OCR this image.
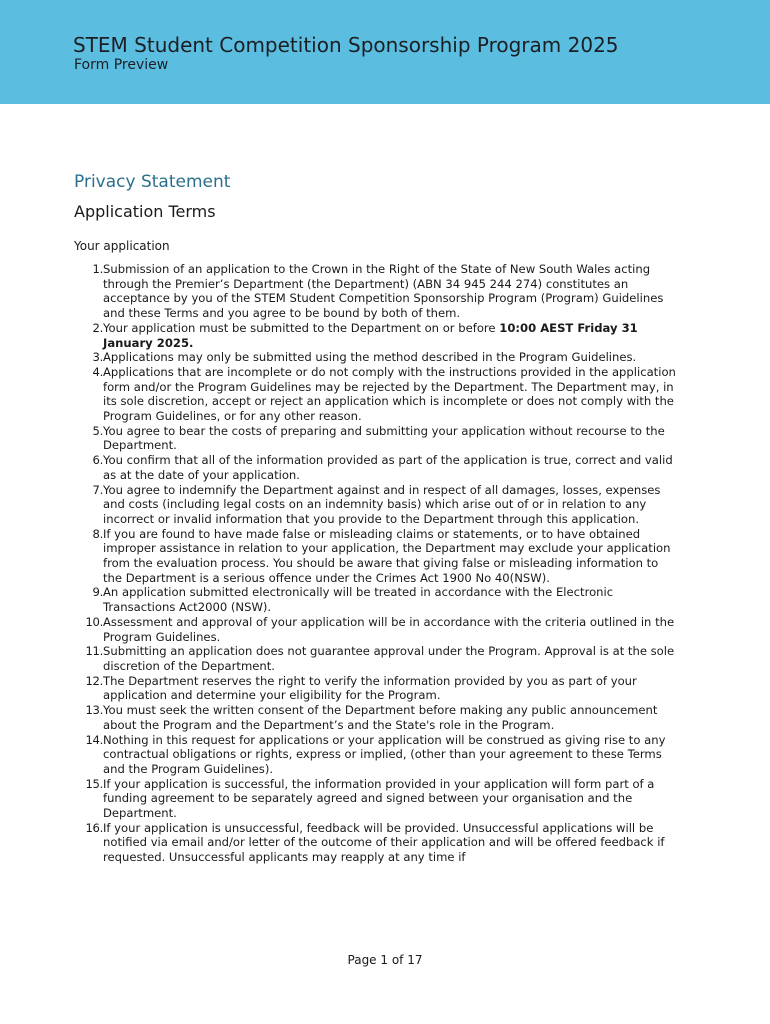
STEM Student Competition Sponsorship Program 2025
Form Preview
Privacy Statement
Application Terms
Your application
1. Submission of an application to the Crown in the Right of the State of New South Wales acting through the Premier’s Department (the Department) (ABN 34 945 244 274) constitutes an acceptance by you of the STEM Student Competition Sponsorship Program (Program) Guidelines and these Terms and you agree to be bound by both of them.
2. Your application must be submitted to the Department on or before 10:00 AEST Friday 31 January 2025.
3. Applications may only be submitted using the method described in the Program Guidelines.
4. Applications that are incomplete or do not comply with the instructions provided in the application form and/or the Program Guidelines may be rejected by the Department. The Department may, in its sole discretion, accept or reject an application which is incomplete or does not comply with the Program Guidelines, or for any other reason.
5. You agree to bear the costs of preparing and submitting your application without recourse to the Department.
6. You confirm that all of the information provided as part of the application is true, correct and valid as at the date of your application.
7. You agree to indemnify the Department against and in respect of all damages, losses, expenses and costs (including legal costs on an indemnity basis) which arise out of or in relation to any incorrect or invalid information that you provide to the Department through this application.
8. If you are found to have made false or misleading claims or statements, or to have obtained improper assistance in relation to your application, the Department may exclude your application from the evaluation process. You should be aware that giving false or misleading information to the Department is a serious offence under the Crimes Act 1900 No 40(NSW).
9. An application submitted electronically will be treated in accordance with the Electronic Transactions Act2000 (NSW).
10. Assessment and approval of your application will be in accordance with the criteria outlined in the Program Guidelines.
11. Submitting an application does not guarantee approval under the Program. Approval is at the sole discretion of the Department.
12. The Department reserves the right to verify the information provided by you as part of your application and determine your eligibility for the Program.
13. You must seek the written consent of the Department before making any public announcement about the Program and the Department’s and the State's role in the Program.
14. Nothing in this request for applications or your application will be construed as giving rise to any contractual obligations or rights, express or implied, (other than your agreement to these Terms and the Program Guidelines).
15. If your application is successful, the information provided in your application will form part of a funding agreement to be separately agreed and signed between your organisation and the Department.
16. If your application is unsuccessful, feedback will be provided. Unsuccessful applications will be notified via email and/or letter of the outcome of their application and will be offered feedback if requested. Unsuccessful applicants may reapply at any time if
Page 1 of 17
